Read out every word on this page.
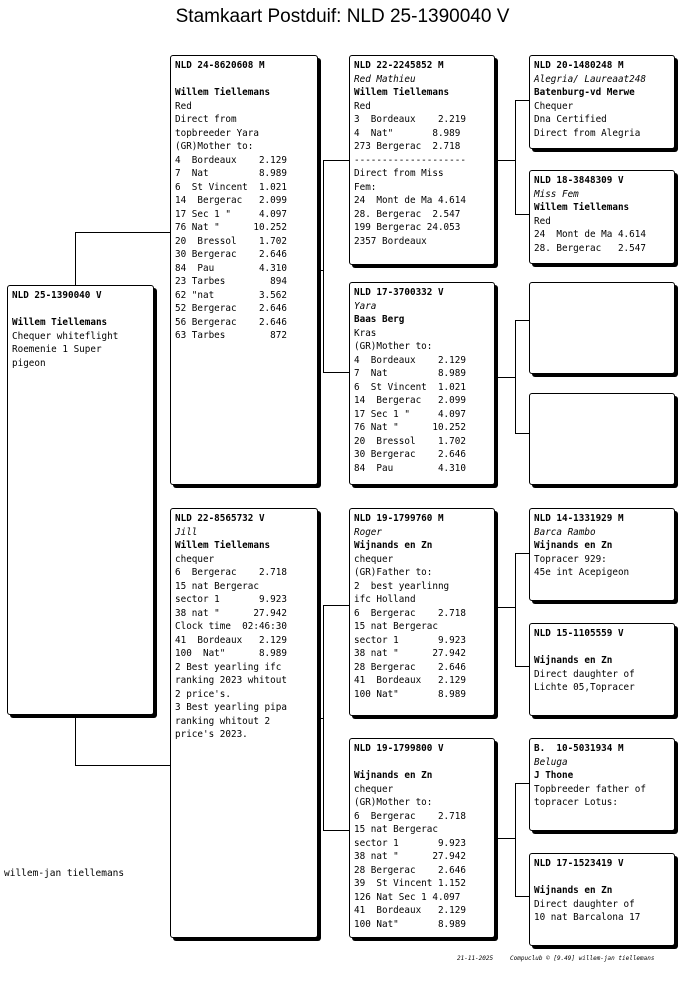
Stamkaart Postduif: NLD 25-1390040 V
NLD 25-1390040 V

Willem Tiellemans
Chequer whiteflight
Roemenie 1 Super
pigeon
NLD 24-8620608 M

Willem Tiellemans
Red
Direct from
topbreeder Yara
(GR)Mother to:
4  Bordeaux    2.129
7  Nat         8.989
6  St Vincent  1.021
14  Bergerac   2.099
17 Sec 1 "     4.097
76 Nat "      10.252
20  Bressol    1.702
30 Bergerac    2.646
84  Pau        4.310
23 Tarbes        894
62 "nat        3.562
52 Bergerac    2.646
56 Bergerac    2.646
63 Tarbes        872
NLD 22-8565732 V
Jill
Willem Tiellemans
chequer
6  Bergerac    2.718
15 nat Bergerac
sector 1       9.923
38 nat "      27.942
Clock time  02:46:30
41  Bordeaux   2.129
100  Nat"      8.989
2 Best yearling ifc
ranking 2023 whitout
2 price's.
3 Best yearling pipa
ranking whitout 2
price's 2023.
NLD 22-2245852 M
Red Mathieu
Willem Tiellemans
Red
3  Bordeaux    2.219
4  Nat"       8.989
273 Bergerac  2.718
--------------------
Direct from Miss
Fem:
24  Mont de Ma 4.614
28. Bergerac  2.547
199 Bergerac 24.053
2357 Bordeaux
NLD 17-3700332 V
Yara
Baas Berg
Kras
(GR)Mother to:
4  Bordeaux    2.129
7  Nat         8.989
6  St Vincent  1.021
14  Bergerac   2.099
17 Sec 1 "     4.097
76 Nat "      10.252
20  Bressol    1.702
30 Bergerac    2.646
84  Pau        4.310
NLD 19-1799760 M
Roger
Wijnands en Zn
chequer
(GR)Father to:
2  best yearlinng
ifc Holland
6  Bergerac    2.718
15 nat Bergerac
sector 1       9.923
38 nat "      27.942
28 Bergerac    2.646
41  Bordeaux   2.129
100 Nat"       8.989
NLD 19-1799800 V

Wijnands en Zn
chequer
(GR)Mother to:
6  Bergerac    2.718
15 nat Bergerac
sector 1       9.923
38 nat "      27.942
28 Bergerac    2.646
39  St Vincent 1.152
126 Nat Sec 1 4.097
41  Bordeaux   2.129
100 Nat"       8.989
NLD 20-1480248 M
Alegria/ Laureaat248
Batenburg-vd Merwe
Chequer
Dna Certified
Direct from Alegria
NLD 18-3848309 V
Miss Fem
Willem Tiellemans
Red
24  Mont de Ma 4.614
28. Bergerac   2.547
NLD 14-1331929 M
Barca Rambo
Wijnands en Zn
Topracer 929:
45e int Acepigeon
NLD 15-1105559 V

Wijnands en Zn
Direct daughter of
Lichte 05,Topracer
B.  10-5031934 M
Beluga
J Thone
Topbreeder father of
topracer Lotus:
NLD 17-1523419 V

Wijnands en Zn
Direct daughter of
10 nat Barcalona 17
willem-jan tiellemans
21-11-2025	Compuclub © [9.49] willem-jan tiellemans
